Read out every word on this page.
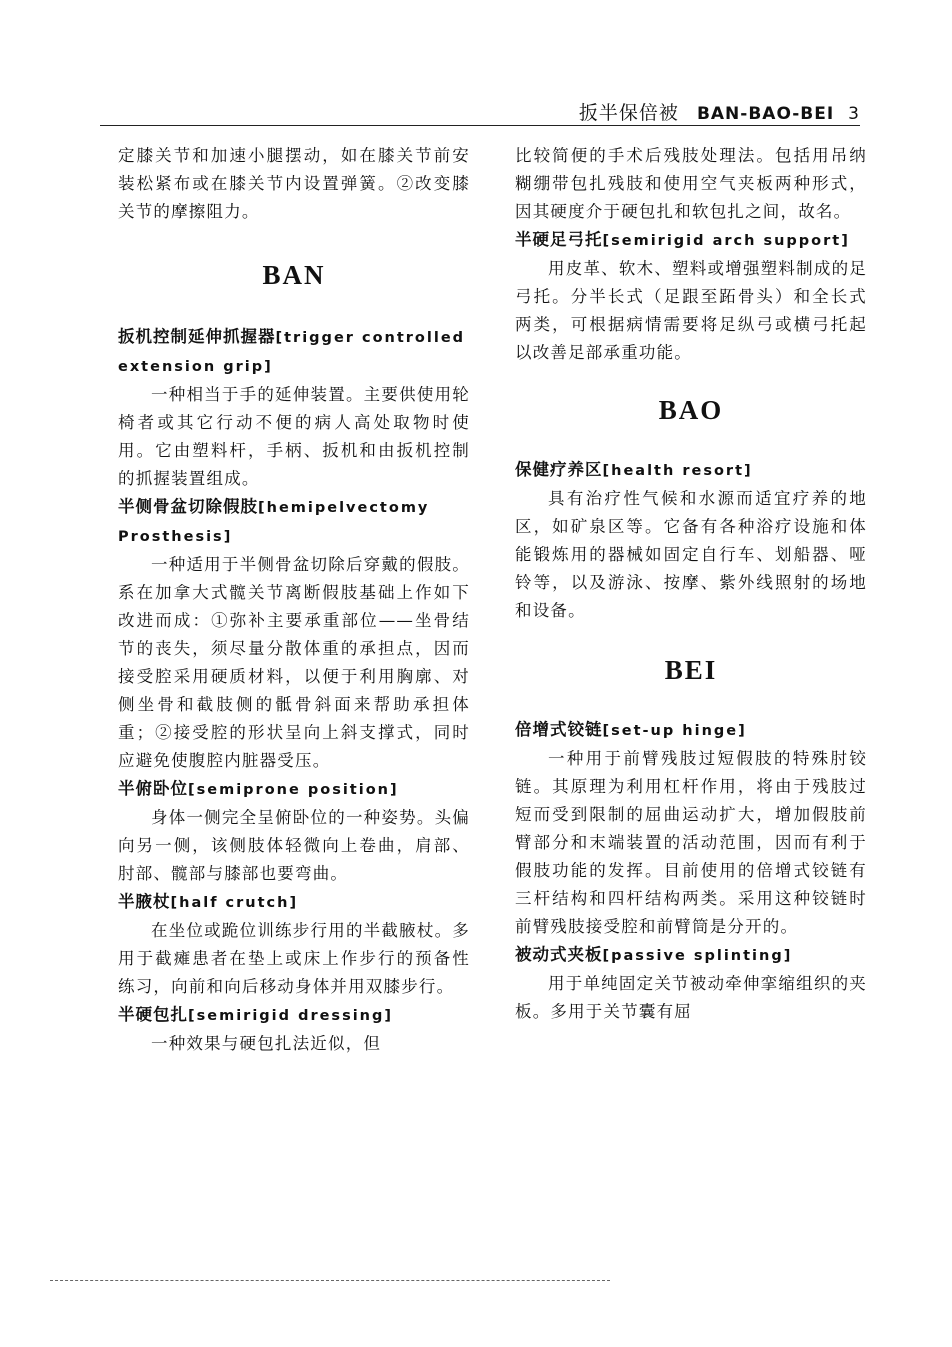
扳半保倍被 BAN-BAO-BEI 3

定膝关节和加速小腿摆动，如在膝关节前安装松紧布或在膝关节内设置弹簧。②改变膝关节的摩擦阻力。

BAN

扳机控制延伸抓握器[trigger controlled extension grip]

一种相当于手的延伸装置。主要供使用轮椅者或其它行动不便的病人高处取物时使用。它由塑料杆，手柄、扳机和由扳机控制的抓握装置组成。

半侧骨盆切除假肢[hemipelvectomy Prosthesis]

一种适用于半侧骨盆切除后穿戴的假肢。系在加拿大式髋关节离断假肢基础上作如下改进而成：①弥补主要承重部位——坐骨结节的丧失，须尽量分散体重的承担点，因而接受腔采用硬质材料，以便于利用胸廓、对侧坐骨和截肢侧的骶骨斜面来帮助承担体重；②接受腔的形状呈向上斜支撑式，同时应避免使腹腔内脏器受压。

半俯卧位[semiprone position]

身体一侧完全呈俯卧位的一种姿势。头偏向另一侧，该侧肢体轻微向上卷曲，肩部、肘部、髋部与膝部也要弯曲。

半腋杖[half crutch]

在坐位或跪位训练步行用的半截腋杖。多用于截瘫患者在垫上或床上作步行的预备性练习，向前和向后移动身体并用双膝步行。

半硬包扎[semirigid dressing]

一种效果与硬包扎法近似，但

比较简便的手术后残肢处理法。包括用吊纳糊绷带包扎残肢和使用空气夹板两种形式，因其硬度介于硬包扎和软包扎之间，故名。

半硬足弓托[semirigid arch support]

用皮革、软木、塑料或增强塑料制成的足弓托。分半长式（足跟至跖骨头）和全长式两类，可根据病情需要将足纵弓或横弓托起以改善足部承重功能。

BAO

保健疗养区[health resort]

具有治疗性气候和水源而适宜疗养的地区，如矿泉区等。它备有各种浴疗设施和体能锻炼用的器械如固定自行车、划船器、哑铃等，以及游泳、按摩、紫外线照射的场地和设备。

BEI

倍增式铰链[set-up hinge]

一种用于前臂残肢过短假肢的特殊肘铰链。其原理为利用杠杆作用，将由于残肢过短而受到限制的屈曲运动扩大，增加假肢前臂部分和末端装置的活动范围，因而有利于假肢功能的发挥。目前使用的倍增式铰链有三杆结构和四杆结构两类。采用这种铰链时前臂残肢接受腔和前臂筒是分开的。

被动式夹板[passive splinting]

用于单纯固定关节被动牵伸挛缩组织的夹板。多用于关节囊有屈
